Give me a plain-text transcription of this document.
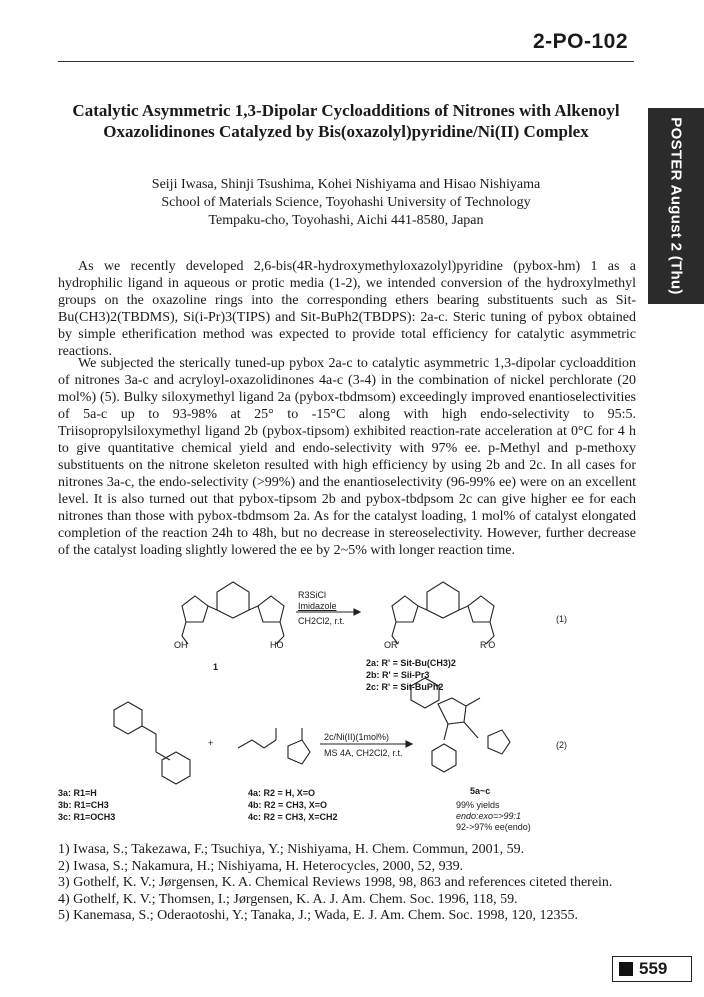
2-PO-102
POSTER August 2 (Thu)
Catalytic Asymmetric 1,3-Dipolar Cycloadditions of Nitrones with Alkenoyl
Oxazolidinones Catalyzed by Bis(oxazolyl)pyridine/Ni(II) Complex
Seiji Iwasa, Shinji Tsushima, Kohei Nishiyama and Hisao Nishiyama
School of Materials Science, Toyohashi University of Technology
Tempaku-cho, Toyohashi, Aichi 441-8580, Japan
As we recently developed 2,6-bis(4R-hydroxymethyloxazolyl)pyridine (pybox-hm) 1 as a hydrophilic ligand in aqueous or protic media (1-2), we intended conversion of the hydroxylmethyl groups on the oxazoline rings into the corresponding ethers bearing substituents such as Sit-Bu(CH3)2(TBDMS), Si(i-Pr)3(TIPS) and Sit-BuPh2(TBDPS): 2a-c. Steric tuning of pybox obtained by simple etherification method was expected to provide total efficiency for catalytic asymmetric reactions.
We subjected the sterically tuned-up pybox 2a-c to catalytic asymmetric 1,3-dipolar cycloaddition of nitrones 3a-c and acryloyl-oxazolidinones 4a-c (3-4) in the combination of nickel perchlorate (20 mol%) (5). Bulky siloxymethyl ligand 2a (pybox-tbdmsom) exceedingly improved enantioselectivities of 5a-c up to 93-98% at 25° to -15°C along with high endo-selectivity to 95:5. Triisopropylsiloxymethyl ligand 2b (pybox-tipsom) exhibited reaction-rate acceleration at 0°C for 4 h to give quantitative chemical yield and endo-selectivity with 97% ee. p-Methyl and p-methoxy substituents on the nitrone skeleton resulted with high efficiency by using 2b and 2c. In all cases for nitrones 3a-c, the endo-selectivity (>99%) and the enantioselectivity (96-99% ee) were on an excellent level. It is also turned out that pybox-tipsom 2b and pybox-tbdpsom 2c can give higher ee for each nitrones than those with pybox-tbdmsom 2a. As for the catalyst loading, 1 mol% of catalyst elongated completion of the reaction 24h to 48h, but no decrease in stereoselectivity. However, further decrease of the catalyst loading slightly lowered the ee by 2~5% with longer reaction time.
OH	HO
1
R3SiCl
Imidazole
CH2Cl2, r.t.
OR'	R'O
(1)
2a: R' = Sit-Bu(CH3)2
2b: R' = Sii-Pr3
2c: R' = Sit-BuPh2
3a: R1=H
3b: R1=CH3
3c: R1=OCH3
+
4a: R2 = H, X=O
4b: R2 = CH3, X=O
4c: R2 = CH3, X=CH2
2c/Ni(II)(1mol%)
MS 4A, CH2Cl2, r.t.
(2)
5a~c
99% yields
endo:exo=>99:1
92->97% ee(endo)
1) Iwasa, S.; Takezawa, F.; Tsuchiya, Y.; Nishiyama, H. Chem. Commun, 2001, 59.
2) Iwasa, S.; Nakamura, H.; Nishiyama, H. Heterocycles, 2000, 52, 939.
3) Gothelf, K. V.; Jørgensen, K. A. Chemical Reviews 1998, 98, 863 and references citeted therein.
4) Gothelf, K. V.; Thomsen, I.; Jørgensen, K. A. J. Am. Chem. Soc. 1996, 118, 59.
5) Kanemasa, S.; Oderaotoshi, Y.; Tanaka, J.; Wada, E. J. Am. Chem. Soc. 1998, 120, 12355.
559
